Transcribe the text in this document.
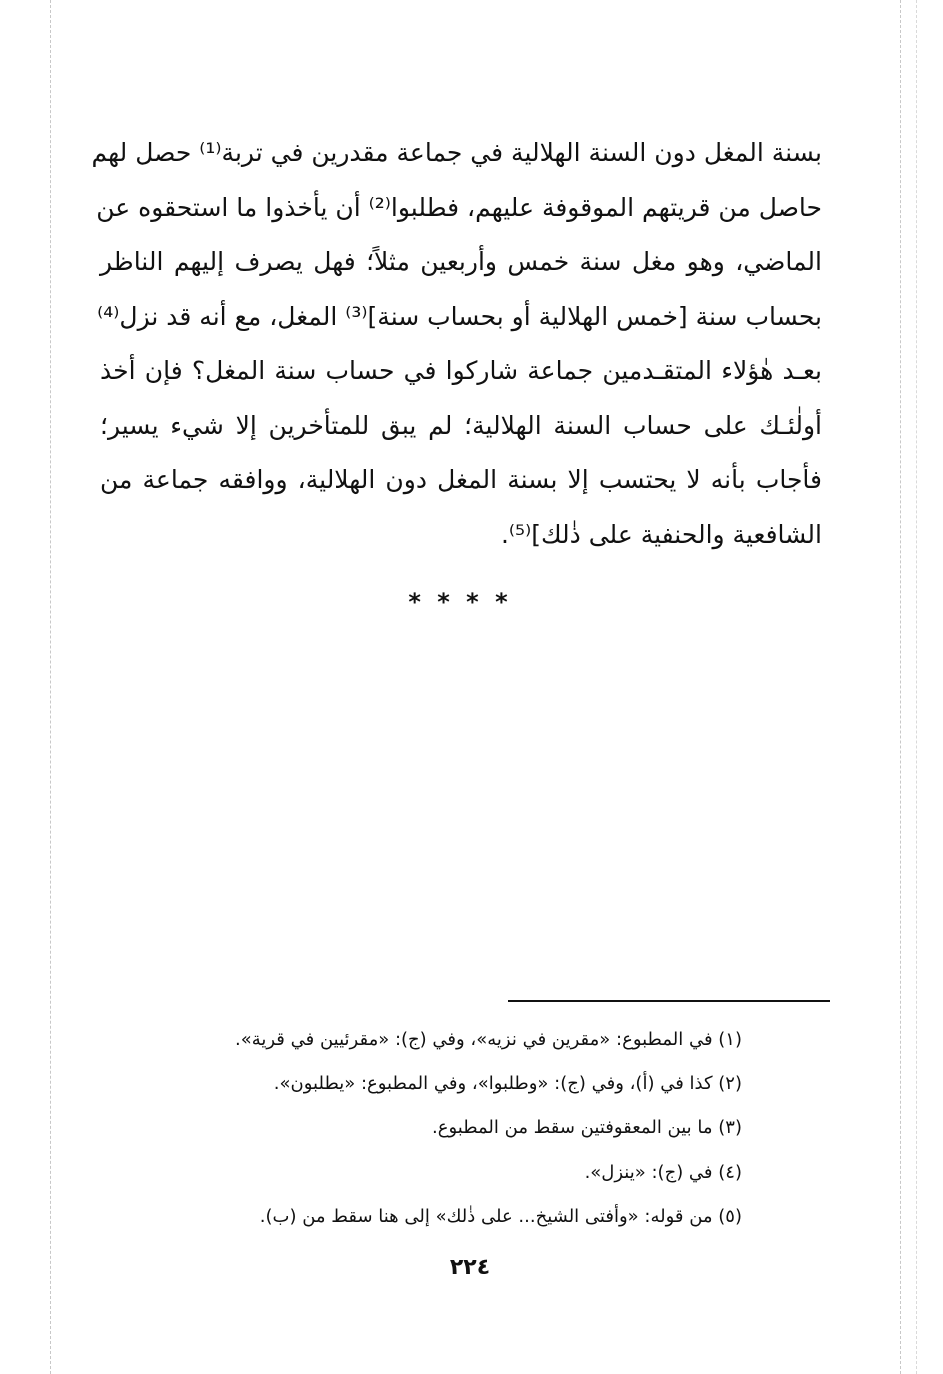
بسنة المغل دون السنة الهلالية في جماعة مقدرين في تربة⁽¹⁾ حصل لهم
حاصل من قريتهم الموقوفة عليهم، فطلبوا⁽²⁾ أن يأخذوا ما استحقوه عن
الماضي، وهو مغل سنة خمس وأربعين مثلاً؛ فهل يصرف إليهم الناظر
بحساب سنة [خمس الهلالية أو بحساب سنة]⁽³⁾ المغل، مع أنه قد نزل⁽⁴⁾
بعـد هٰؤلاء المتقـدمين جماعة شاركوا في حساب سنة المغل؟ فإن أخذ
أولٰئـك على حساب السنة الهلالية؛ لم يبق للمتأخرين إلا شيء يسير؛
فأجاب بأنه لا يحتسب إلا بسنة المغل دون الهلالية، ووافقه جماعة من
الشافعية والحنفية على ذٰلك]⁽⁵⁾.
* * * *
(١) في المطبوع: «مقرين في نزيه»، وفي (ج): «مقرئيين في قرية».
(٢) كذا في (أ)، وفي (ج): «وطلبوا»، وفي المطبوع: «يطلبون».
(٣) ما بين المعقوفتين سقط من المطبوع.
(٤) في (ج): «ينزل».
(٥) من قوله: «وأفتى الشيخ... على ذٰلك» إلى هنا سقط من (ب).
٢٢٤
